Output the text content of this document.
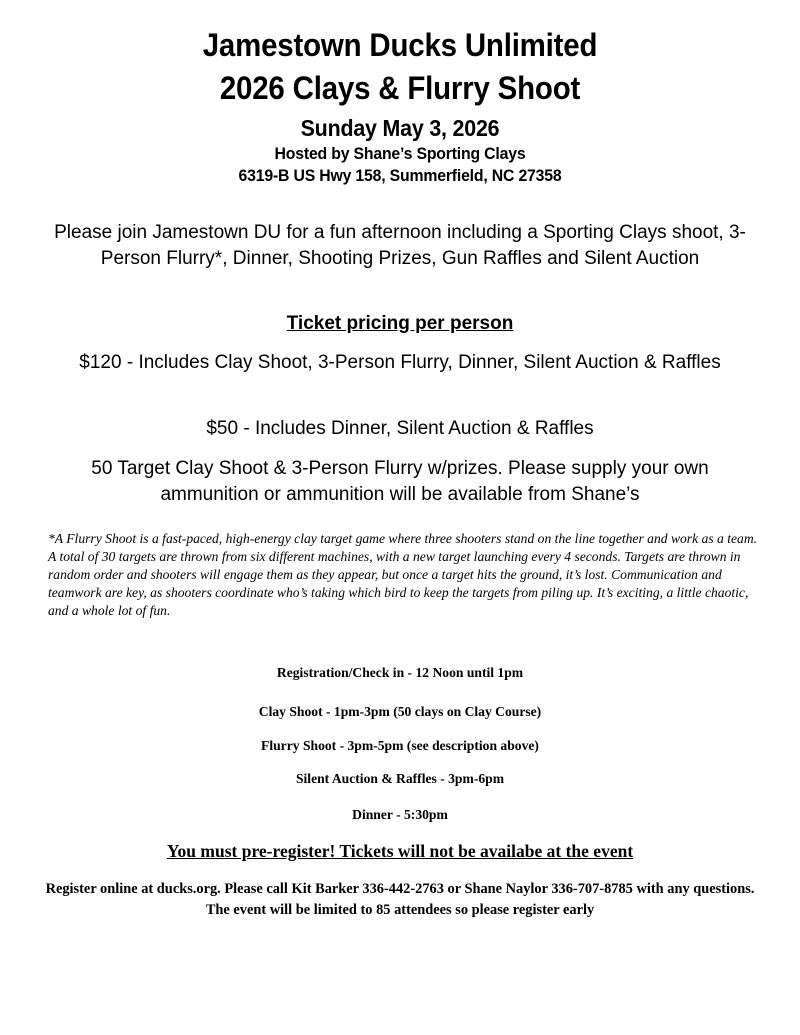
Jamestown Ducks Unlimited
2026 Clays & Flurry Shoot
Sunday May 3, 2026
Hosted by Shane’s Sporting Clays
6319-B US Hwy 158, Summerfield, NC 27358
Please join Jamestown DU for a fun afternoon including a Sporting Clays shoot, 3-Person Flurry*, Dinner, Shooting Prizes, Gun Raffles and Silent Auction
Ticket pricing per person
$120 - Includes Clay Shoot, 3-Person Flurry, Dinner, Silent Auction & Raffles
$50 - Includes Dinner, Silent Auction & Raffles
50 Target Clay Shoot & 3-Person Flurry w/prizes. Please supply your own ammunition or ammunition will be available from Shane’s
*A Flurry Shoot is a fast-paced, high-energy clay target game where three shooters stand on the line together and work as a team. A total of 30 targets are thrown from six different machines, with a new target launching every 4 seconds. Targets are thrown in random order and shooters will engage them as they appear, but once a target hits the ground, it’s lost. Communication and teamwork are key, as shooters coordinate who’s taking which bird to keep the targets from piling up. It’s exciting, a little chaotic, and a whole lot of fun.
Registration/Check in - 12 Noon until 1pm
Clay Shoot - 1pm-3pm (50 clays on Clay Course)
Flurry Shoot - 3pm-5pm (see description above)
Silent Auction & Raffles - 3pm-6pm
Dinner - 5:30pm
You must pre-register! Tickets will not be availabe at the event
Register online at ducks.org. Please call Kit Barker 336-442-2763 or Shane Naylor 336-707-8785 with any questions. The event will be limited to 85 attendees so please register early
